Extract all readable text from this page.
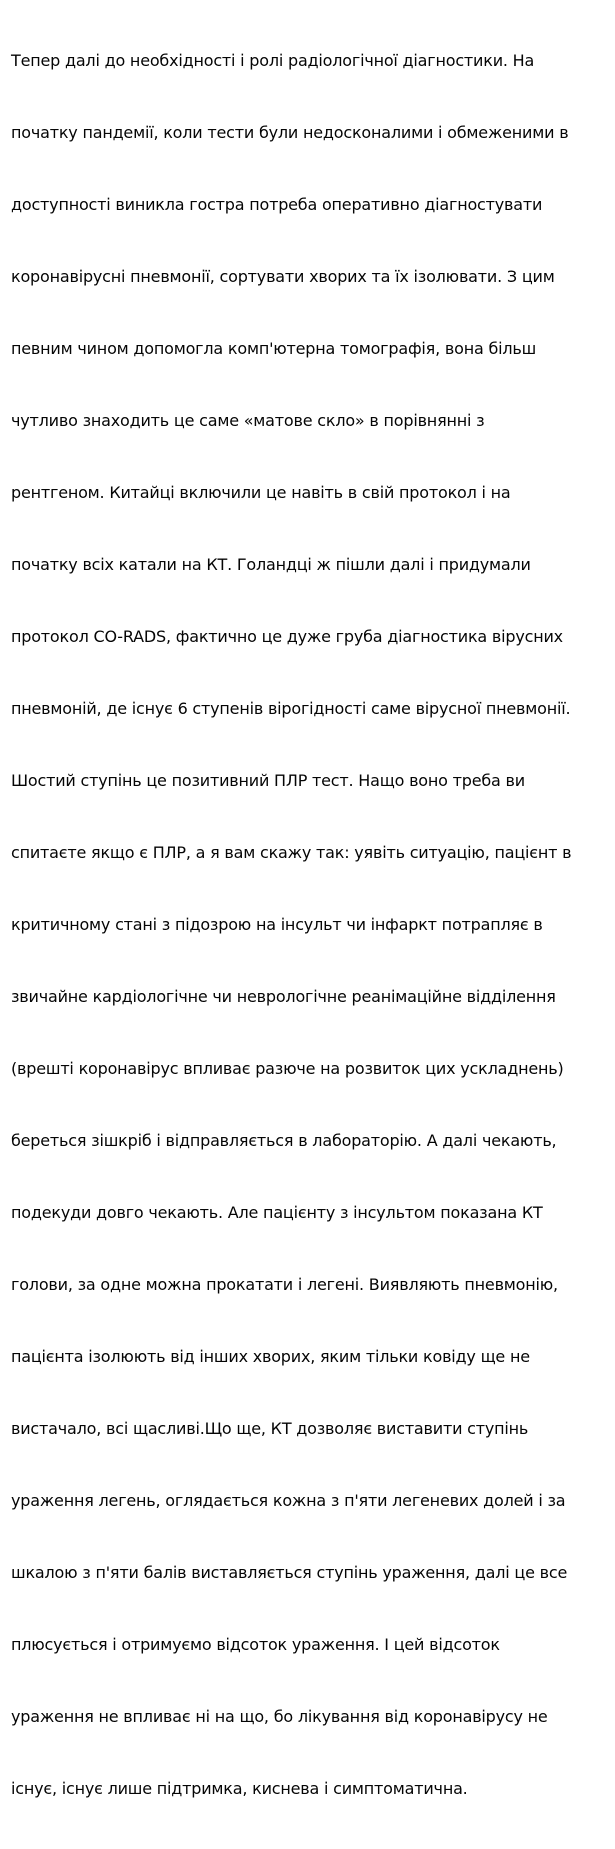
Тепер далі до необхідності і ролі радіологічної діагностики. На

початку пандемії, коли тести були недосконалими і обмеженими в

доступності виникла гостра потреба оперативно діагностувати

коронавірусні пневмонії, сортувати хворих та їх ізолювати. З цим

певним чином допомогла комп'ютерна томографія, вона більш

чутливо знаходить це саме «матове скло» в порівнянні з

рентгеном. Китайці включили це навіть в свій протокол і на

початку всіх катали на КТ. Голандці ж пішли далі і придумали

протокол CO-RADS, фактично це дуже груба діагностика вірусних

пневмоній, де існує 6 ступенів вірогідності саме вірусної пневмонії.

Шостий ступінь це позитивний ПЛР тест. Нащо воно треба ви

спитаєте якщо є ПЛР, а я вам скажу так: уявіть ситуацію, пацієнт в

критичному стані з підозрою на інсульт чи інфаркт потрапляє в

звичайне кардіологічне чи неврологічне реанімаційне відділення

(врешті коронавірус впливає разюче на розвиток цих ускладнень)

береться зішкріб і відправляється в лабораторію. А далі чекають,

подекуди довго чекають. Але пацієнту з інсультом показана КТ

голови, за одне можна прокатати і легені. Виявляють пневмонію,

пацієнта ізолюють від інших хворих, яким тільки ковіду ще не

вистачало, всі щасливі.Що ще, КТ дозволяє виставити ступінь

ураження легень, оглядається кожна з п'яти легеневих долей і за

шкалою з п'яти балів виставляється ступінь ураження, далі це все

плюсується і отримуємо відсоток ураження. І цей відсоток

ураження не впливає ні на що, бо лікування від коронавірусу не

існує, існує лише підтримка, киснева і симптоматична.
